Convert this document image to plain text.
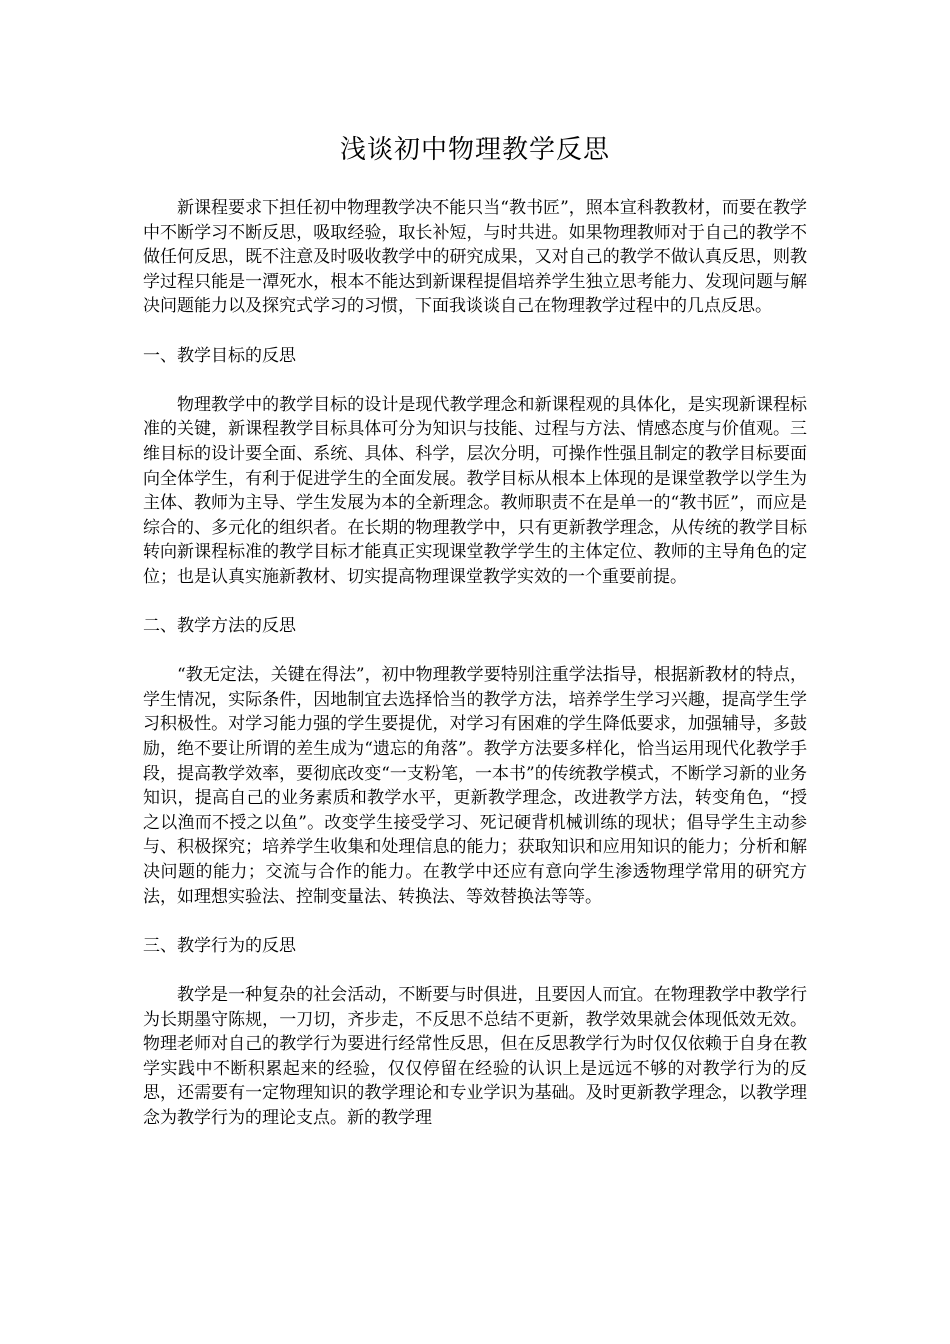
浅谈初中物理教学反思

新课程要求下担任初中物理教学决不能只当“教书匠”，照本宣科教教材，而要在教学中不断学习不断反思，吸取经验，取长补短，与时共进。如果物理教师对于自己的教学不做任何反思，既不注意及时吸收教学中的研究成果，又对自己的教学不做认真反思，则教学过程只能是一潭死水，根本不能达到新课程提倡培养学生独立思考能力、发现问题与解决问题能力以及探究式学习的习惯，下面我谈谈自己在物理教学过程中的几点反思。

一、教学目标的反思

物理教学中的教学目标的设计是现代教学理念和新课程观的具体化，是实现新课程标准的关键，新课程教学目标具体可分为知识与技能、过程与方法、情感态度与价值观。三维目标的设计要全面、系统、具体、科学，层次分明，可操作性强且制定的教学目标要面向全体学生，有利于促进学生的全面发展。教学目标从根本上体现的是课堂教学以学生为主体、教师为主导、学生发展为本的全新理念。教师职责不在是单一的“教书匠”，而应是综合的、多元化的组织者。在长期的物理教学中，只有更新教学理念，从传统的教学目标转向新课程标准的教学目标才能真正实现课堂教学学生的主体定位、教师的主导角色的定位；也是认真实施新教材、切实提高物理课堂教学实效的一个重要前提。

二、教学方法的反思

“教无定法，关键在得法”，初中物理教学要特别注重学法指导，根据新教材的特点，学生情况，实际条件，因地制宜去选择恰当的教学方法，培养学生学习兴趣，提高学生学习积极性。对学习能力强的学生要提优，对学习有困难的学生降低要求，加强辅导，多鼓励，绝不要让所谓的差生成为“遗忘的角落”。教学方法要多样化，恰当运用现代化教学手段，提高教学效率，要彻底改变“一支粉笔，一本书”的传统教学模式，不断学习新的业务知识，提高自己的业务素质和教学水平，更新教学理念，改进教学方法，转变角色，“授之以渔而不授之以鱼”。改变学生接受学习、死记硬背机械训练的现状；倡导学生主动参与、积极探究；培养学生收集和处理信息的能力；获取知识和应用知识的能力；分析和解决问题的能力；交流与合作的能力。在教学中还应有意向学生渗透物理学常用的研究方法，如理想实验法、控制变量法、转换法、等效替换法等等。

三、教学行为的反思

教学是一种复杂的社会活动，不断要与时俱进，且要因人而宜。在物理教学中教学行为长期墨守陈规，一刀切，齐步走，不反思不总结不更新，教学效果就会体现低效无效。物理老师对自己的教学行为要进行经常性反思，但在反思教学行为时仅仅依赖于自身在教学实践中不断积累起来的经验，仅仅停留在经验的认识上是远远不够的对教学行为的反思，还需要有一定物理知识的教学理论和专业学识为基础。及时更新教学理念，以教学理念为教学行为的理论支点。新的教学理
